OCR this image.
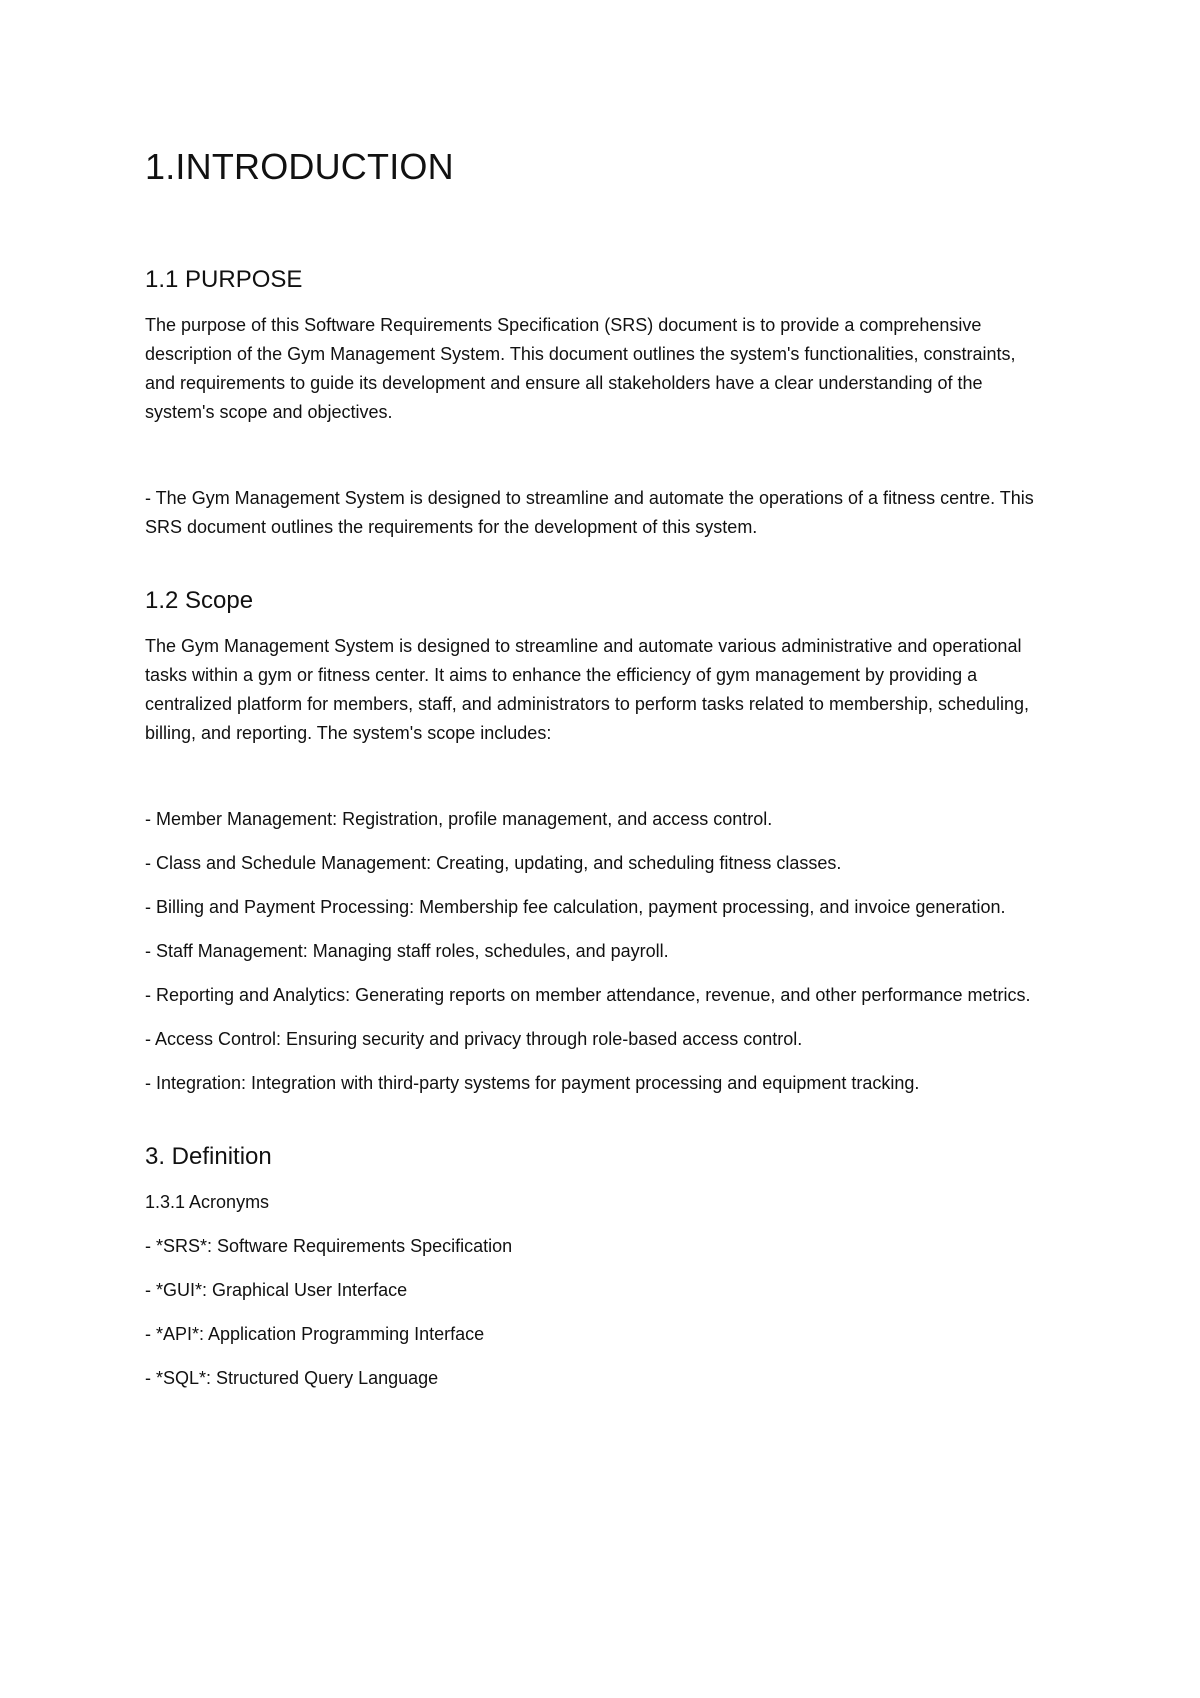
1.INTRODUCTION
1.1 PURPOSE

The purpose of this Software Requirements Specification (SRS) document is to provide a comprehensive description of the Gym Management System. This document outlines the system's functionalities, constraints, and requirements to guide its development and ensure all stakeholders have a clear understanding of the system's scope and objectives.

- The Gym Management System is designed to streamline and automate the operations of a fitness centre. This SRS document outlines the requirements for the development of this system.

1.2 Scope

The Gym Management System is designed to streamline and automate various administrative and operational tasks within a gym or fitness center. It aims to enhance the efficiency of gym management by providing a centralized platform for members, staff, and administrators to perform tasks related to membership, scheduling, billing, and reporting. The system's scope includes:

- Member Management: Registration, profile management, and access control.

- Class and Schedule Management: Creating, updating, and scheduling fitness classes.

- Billing and Payment Processing: Membership fee calculation, payment processing, and invoice generation.

- Staff Management: Managing staff roles, schedules, and payroll.

- Reporting and Analytics: Generating reports on member attendance, revenue, and other performance metrics.

- Access Control: Ensuring security and privacy through role-based access control.

- Integration: Integration with third-party systems for payment processing and equipment tracking.

3. Definition

1.3.1 Acronyms

- *SRS*: Software Requirements Specification

- *GUI*: Graphical User Interface

- *API*: Application Programming Interface

- *SQL*: Structured Query Language
